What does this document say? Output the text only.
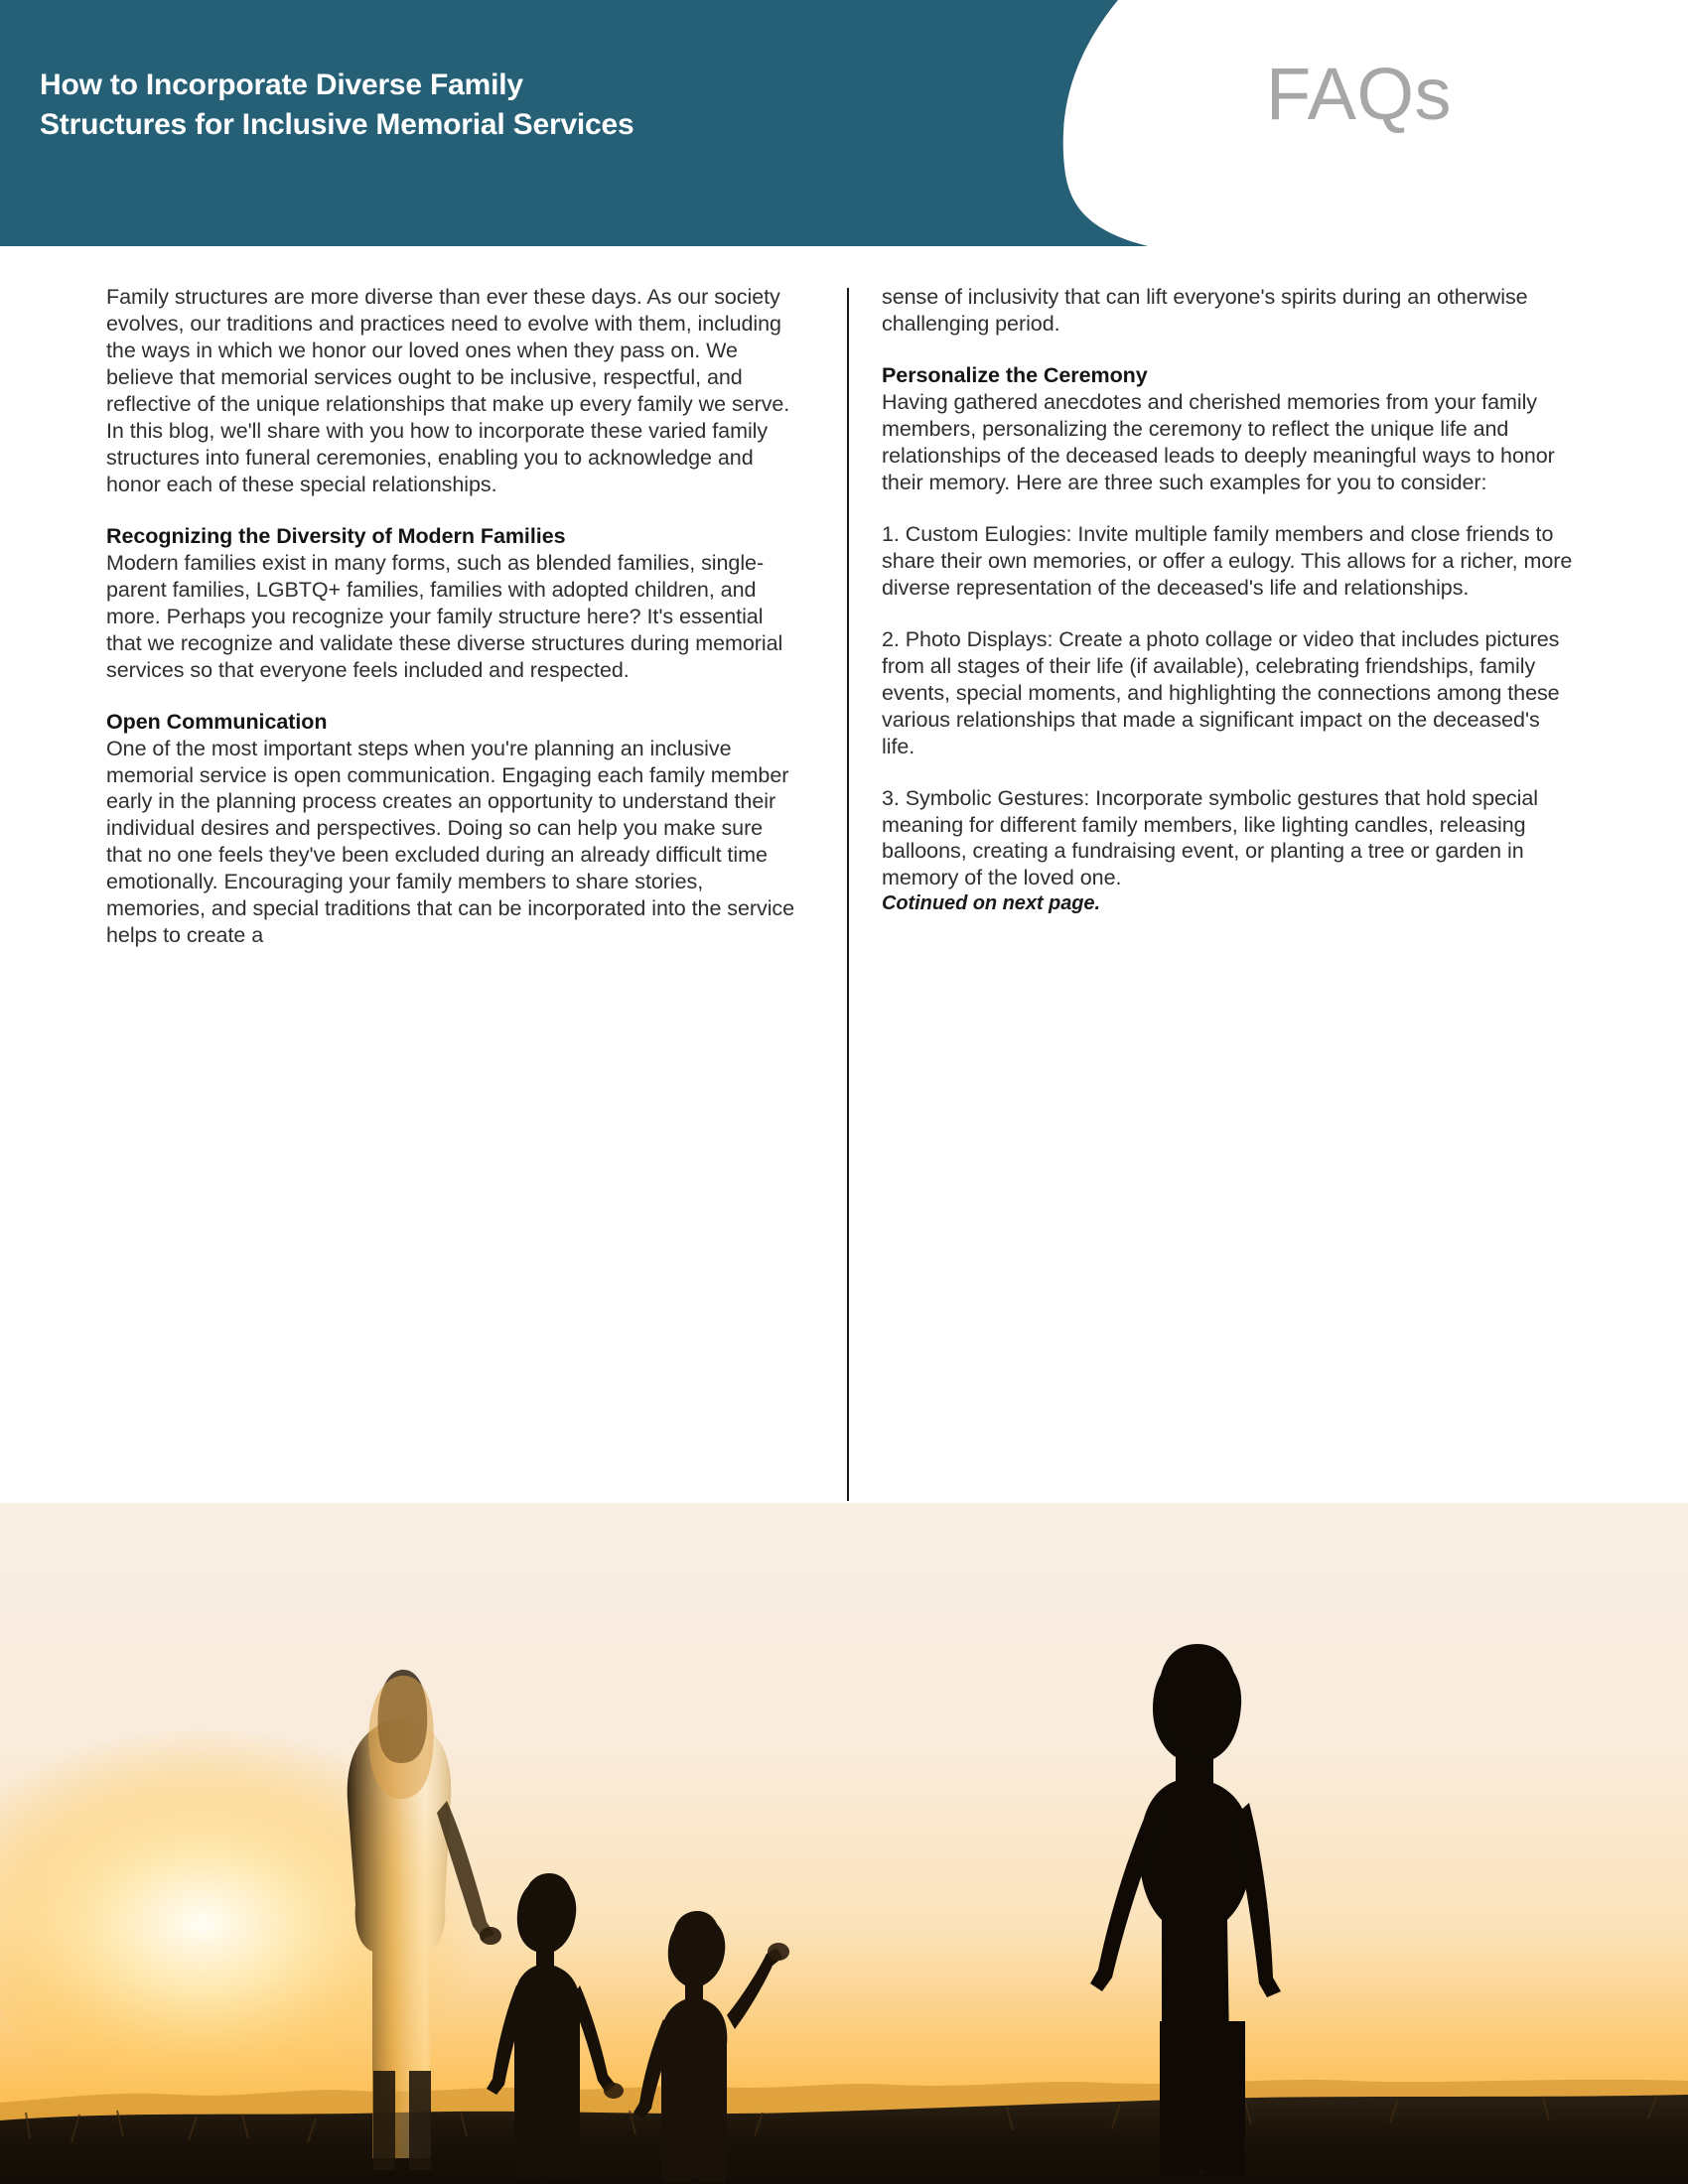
How to Incorporate Diverse Family
Structures for Inclusive Memorial Services	FAQs

Family structures are more diverse than ever these days. As our society evolves, our traditions and practices need to evolve with them, including the ways in which we honor our loved ones when they pass on. We believe that memorial services ought to be inclusive, respectful, and reflective of the unique relationships that make up every family we serve. In this blog, we'll share with you how to incorporate these varied family structures into funeral ceremonies, enabling you to acknowledge and honor each of these special relationships.

Recognizing the Diversity of Modern Families

Modern families exist in many forms, such as blended families, single-parent families, LGBTQ+ families, families with adopted children, and more. Perhaps you recognize your family structure here? It's essential that we recognize and validate these diverse structures during memorial services so that everyone feels included and respected.

Open Communication

One of the most important steps when you're planning an inclusive memorial service is open communication. Engaging each family member early in the planning process creates an opportunity to understand their individual desires and perspectives. Doing so can help you make sure that no one feels they've been excluded during an already difficult time emotionally. Encouraging your family members to share stories, memories, and special traditions that can be incorporated into the service helps to create a

sense of inclusivity that can lift everyone's spirits during an otherwise challenging period.

Personalize the Ceremony

Having gathered anecdotes and cherished memories from your family members, personalizing the ceremony to reflect the unique life and relationships of the deceased leads to deeply meaningful ways to honor their memory. Here are three such examples for you to consider:

1. Custom Eulogies: Invite multiple family members and close friends to share their own memories, or offer a eulogy. This allows for a richer, more diverse representation of the deceased's life and relationships.

2. Photo Displays: Create a photo collage or video that includes pictures from all stages of their life (if available), celebrating friendships, family events, special moments, and highlighting the connections among these various relationships that made a significant impact on the deceased's life.

3. Symbolic Gestures: Incorporate symbolic gestures that hold special meaning for different family members, like lighting candles, releasing balloons, creating a fundraising event, or planting a tree or garden in memory of the loved one.

Cotinued on next page.
